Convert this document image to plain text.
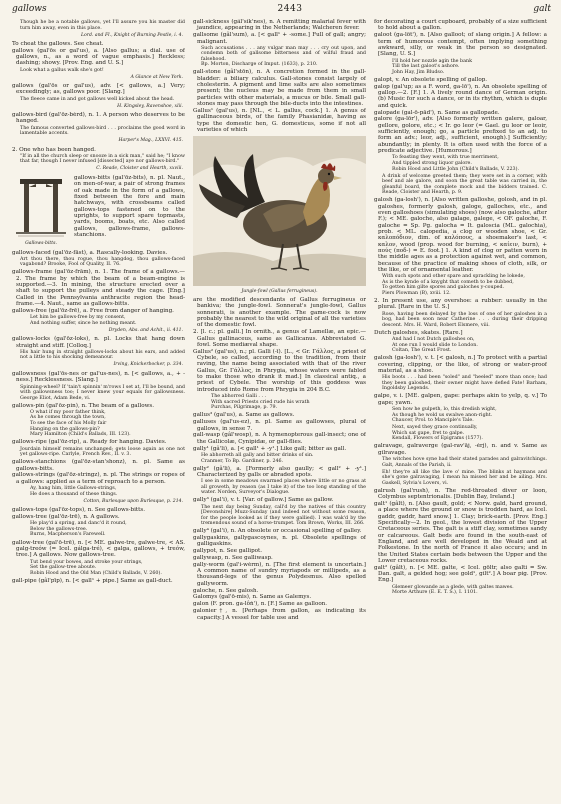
gallows	2443	galt
Though he be a notable gallows, yet I'll assure you his master did turn him away, even in this place.
Lord. and Fl., Knight of Burning Pestle, i. 4.
To cheat the gallows. See cheat.
gallows (gal'ōs or gal'us), a. [Also gallus; a dial. use of gallows, n., as a word of vague emphasis.] Reckless; dashing; showy. [Prov. Eng. and U. S.]
Look what a gallus walk she's got!
A Glance at New York.
gallows (gal'ōs or gal'us), adv. [< gallows, a.] Very; exceedingly; as, gallows poor. [Slang.]
The fleece came in and got gallows well kicked about the head.
H. Kingsley, Ravenshoe, xlii.
gallows-bird (gal'ōz-bėrd), n. 1. A person who deserves to be hanged.
The famous converted gallows-bird . . . proclaims the good word in lamentable accents.
Harper's Mag., LXXVI. 415.
2. One who has been hanged.
"If in all the church sleep or snooze in a sick man," said he; "I know that far, though I never infused [dissected] aye nor gallows-bird."
C. Reade, Cloister and Hearth, xxviii.
Gallows-bitts.
gallows-bitts (gal'ōz-bits), n. pl. Naut., on men-of-war, a pair of strong frames of oak made in the form of a gallows, fixed between the fore and main hatchways, with crossbeams called gallows-tops fastened on to the uprights, to support spare topmasts, yards, booms, boats, etc. Also called gallows, gallows-frame, gallows-stanchions.
gallows-faced (gal'ōz-fāst), a. Rascally-looking. Davies.
Art thou there, thou rogue, thou hangdog, thou gallows-faced vagabond? Brooke, Fool of Quality, II. 76.
gallows-frame (gal'ōz-frām), n. 1. The frame of a gallows.—2. The frame by which the beam of a beam-engine is supported.—3. In mining, the structure erected over a shaft to support the pulleys and steady the cage. [Eng.] Called in the Pennsylvania anthracite region the head-frame.—4. Naut., same as gallows-bitts.
gallows-free (gal'ōz-frē), a. Free from danger of hanging.
Let him be gallows-free by my consent,
And nothing suffer, since he nothing meant.
Dryden, Abs. and Achit., ii. 411.
gallows-locks (gal'ōz-loks), n. pl. Locks that hang down straight and stiff. [Colloq.]
His hair hung in straight gallows-locks about his ears, and added not a little to his shocking demeanour.
Irving, Knickerbocker, p. 334.
gallowsness (gal'ōs-nes or gal'us-nes), n. [< gallows, a., + -ness.] Recklessness. [Slang.]
Spinning-wheel? If 'tain't spinnin' m'rows I set at, I'll be bound, and with gallowsness too; I never knew your equals for gallowsness. George Eliot, Adam Bede, vi.
gallows-pin (gal'ōz-pin), n. The beam of a gallows.
O what if my poor father think,
As he comes through the town,
To see the face of his Molly fair
Hanging on the gallows-pin?
Mary Hamilton (Child's Ballads, III. 123).
gallows-ripe (gal'ōz-rip), a. Ready for hanging. Davies.
Jourdain himself remains unchanged; gets loose again as one not yet gallows-ripe. Carlyle, French Rev., II. v. 3.
gallows-stanchions (gal'ōz-stan'shonz), n. pl. Same as gallows-bitts.
gallows-strings (gal'ōz-stringz), n. pl. The strings or ropes of a gallows: applied as a term of reproach to a person.
Ay, hang him, little Gallows-strings,
He does a thousand of these things.
Cotton, Burlesque upon Burlesque, p. 214.
gallows-tops (gal'ōz-tops), n. See gallows-bitts.
gallows-tree (gal'ōz-trē), n. A gallows.
He play'd a spring, and danc'd it round,
Below the gallows-tree.
Burns, Macpherson's Farewell.
gallow-tree (gal'ō-trē), n. [< ME. galwe-tre, galwe-tre, < AS. galg-treów (= Icel. gálga-tré), < galga, gallows, + treów, tree.] A gallows. Now gallows-tree.
Tut bend your bowes, and stroke your strings,
Set the gallow-tree aboute.
Robin Hood and the Old Man (Child's Ballads, V. 260).
gall-pipe (gâl'pīp), n. [< gall¹ + pipe.] Same as gall-duct.
gall-sickness (gâl'sik'nes), n. A remitting malarial fever with jaundice, appearing in the Netherlands; Walcheren fever.
gallsome (gâl'sum), a. [< gall¹ + -some.] Full of gall; angry; malignant.
Such accusations . . . any vulgar man may . . . cry out upon, and condemn both of gallsome bitterness and of wilful fraud and falsehood.
Bp. Morton, Discharge of Imput. (1633), p. 210.
gall-stone (gâl'stōn), n. A concretion formed in the gall-bladder: a biliary calculus. Gall-stones consist largely of cholesterin. A pigment and lime salts are also sometimes present; the nucleus may be made from them in small particles with other materials, a mucus or bile. Small gall-stones may pass through the bile-ducts into the intestines.
Gallus¹ (gal'us), n. [NL., < L. gallus, cock.] 1. A genus of gallinaceous birds, of the family Phasianidæ, having as type the domestic hen, G. domesticus, some if not all varieties of which
Jungle-fowl (Gallus ferrugineus).
are the modified descendants of Gallus ferrugineus or bankiva; the jungle-fowl. Sonnerat's jungle-fowl, Gallus sonnerati, is another example. The game-cock is now probably the nearest to the wild original of all the varieties of the domestic fowl.
2. [l. c.; pl. galli.] In ornith., a genus of Lamellæ, an epic.—Gallus gallinaceus, same as Gallicanus. Abbreviated G. fowl. Some mediæval shape.
Gallus² (gal'us), n.; pl. Galli (-ī). [L., < Gr. Γάλλος, a priest of Cybele, so called, according to the tradition, from their raving, the name being associated with that of the river Gallus, Gr. Γάλλος, in Phrygia, whose waters were fabled to make those who drank it mad.] In classical antiq., a priest of Cybele. The worship of this goddess was introduced into Rome from Phrygia in 204 B.C.
The abhorred Galli . . .
With sacred Priests cried rude his wrath
Purchas, Pilgrimage, p. 79.
gallus³ (gal'us), a. Same as gallows.
galluses (gal'us-ez), n. pl. Same as gallowses, plural of gallows, in sense 7.
gall-wasp (gâl'wosp), n. A hymenopterous gall-insect; one of the Gallicolæ, Cynipidæ, or gall-flies.
gally¹ (gâ'li), a. [< gall¹ + -y¹.] Like gall; bitter as gall.
He abhorreth all gally and bitter drinks of sin.
Cranmer, To Bp. Gardiner, p. 246.
gally² (gâ'li), a. [Formerly also gaully; < gall² + -y¹.] Characterized by galls or abraded spots.
I see in some meadows swarmed places where little or no grass at all groweth, by reason (as I take it) of the too long standing of the water. Norden, Surveyor's Dialogue.
gally³ (gal'i), v. t. [Var. of gallow.] Same as gallow.
The next day being Sunday, call'd by the natives of this country [Devonshire] Muzz-Sunday (and indeed not without some reason, for the people looked as if they were gallied). I was wak'd by the tremendous sound of a horse-trumpet. Tom Brown, Works, III. 266.
gally⁴ (gal'i), n. An obsolete or occasional spelling of galley.
gallygaskins, gallygascoynes, n. pl. Obsolete spellings of galligaskins.
gallypot, n. See gallipot.
gallywasp, n. See galliwasp.
gally-worm (gal'i-wėrm), n. [The first element is uncertain.] A common name of sundry myriapods or millipeds, as a thousand-legs of the genus Polydesmus. Also spelled gallyworm.
galoche, n. See galosh.
Galomys (gal'ō-mis), n. Same as Galemys.
galon (F. pron. ga-lôṅ'), n. [F.] Same as galloon.
galonier†, n. [Perhaps from gallon, as indicating its capacity.] A vessel for table use and
for decorating a court cupboard, probably of a size sufficient to hold about a gallon.
galoot (ga-löt'), n. [Also galloot; of slang origin.] A fellow: a term of humorous contempt, often implying something awkward, silly, or weak in the person so designated. [Slang, U. S.]
I'll hold her nozzle agin the bank
Till the last galoot's ashore.
John Hay, Jim Bludso.
galopt, v. An obsolete spelling of gallop.
galop (gal'up; as a F. word, ga-lō'), n. An obsolete spelling of gallop.—2. [F.] 1. A lively round dance of German origin. (b) Music for such a dance, or in its rhythm, which is duple and quick.
galopade (gal-ō-pād'), n. Same as gallopade.
galore (ga-lōr'), adv. [Also formerly written galere, galoar, gellore, golore, etc.; < Ir. go leor (= Gael. gu leor or leoir, sufficiently, enough; go, a particle prefixed to an adj. to form an adv.; leor, adj., sufficient, enough).] Sufficiently; abundantly; in plenty. It is often used with the force of a predicate adjective. [Humorous.]
To feasting they went, with true merriment,
And tippled strong liquor galore.
Robin Hood and Little John (Child's Ballads, V. 223).
A drink of welcome greeted them; they were set in a corner, with beef and ale galore, and soon the great table was carried in, the gleanful board, the complete mock and the bidders trained. C. Reade, Cloister and Hearth, p. 9.
galosh (ga-losh'), n. [Also written galloshe, golosh, and in pl. galoshes, formerly galosh, galoge, galloches, etc., and even galloshoes (simulating shoes) (now also galoche, after F.); < ME. galoche, also galage, galege, < OF. galoche, F. galoche = Sp. Pg. galocha = It. galoscia (ML. galochia), prob. < ML. calopedia, a clog or wooden shoe, < Gr. καλοπόδιον, dim. of καλόπους, a shoemaker's last, < καλον, wood (prop. wood for burning, < καίειν, burn), + πούς (ποδ-) = E. foot.] 1. A kind of clog or patten worn in the middle ages as a protection against wet, and common, because of the practice of making shoes of cloth, silk, or the like, or of ornamental leather.
With such spots and other spare and sprackling he lokede,
As is the kynde of a knyght that cometh to be dubbed,
To getten him gilte spores and galoches y-couped.
Piers Plowman (B), xviii. 12.
2. In present use, any overshoe: a rubber: usually in the plural. [Rare in the U. S.]
Rose, having been delayed by the loss of one of her galoshes in a bog, had been soon near Catherine . . . during their dripping descent. Mrs. H. Ward, Robert Elsmere, viii.
Dutch galoshes, skates. [Rare.]
And had I not Dutch galloshes on,
At one run I would slide to London.
Coltan, The Great Frost.
galosh (ga-losh'), v. t. [< galosh, n.] To protect with a partial covering, clipping, or the like, of strong or water-proof material, as a shoe.
His boots . . . had been "soled" and "heeled" more than once; had they been galoshed, their owner might have defied Fate! Barham, Ingoldsby Legends.
galpe, v. i. [ME. galpen, gape: perhaps akin to yelp, q. v.] To gape; yawn.
Sen how he gulpeth, lo, this dredish wight,
As though he wold us swalwe anon-right.
Chaucer, Prol. to Manciple's Tale.
Next, sayed they grace continually,
Which sat gape, fret to galpe.
Kendall, Flowers of Epigrams (1577).
galravage, galraverge (gal-rav'āj, -ėrj), n. and v. Same as gilravage.
The witches hove syne had their stated parades and galravitchings. Galt, Annals of the Parish, ii.
Eh! they're all like the lave o' mine. The blinks at haymans and she's gone galravaging, I mean ha missed her and be ailing. Mrs. Gaskell, Sylvia's Lovers, vi.
galrush (gal'rush), n. The red-throated diver or loon, Colymbus septentrionalis. [Dublin Bay, Ireland.]
galt¹ (gâlt), n. [Also gault, gold; < Norw. gald, hard ground, a place where the ground or snow is trodden hard, as Icel. gaddr, gaddr, hard snow.] 1. Clay; brick-earth. [Prov. Eng.] Specifically—2. In geol., the lowest division of the Upper Cretaceous series. The galt is a stiff clay, sometimes sandy or calcareous. Galt beds are found in the south-east of England, and are well developed in the Weald and at Folkestone. In the north of France it also occurs; and in the United States certain beds between the Upper and the Lower cretaceous rocks.
galt² (gâlt), n. [< ME. galte, < Icel. göltr, also galti = Sw. Dan. galt, a gelded hog; see gold¹, gilt².] A boar pig. [Prov. Eng.]
Glemeer glowande as a glede, with galtes mawes.
Morte Arthure (E. E. T. S.), I. 1101.
